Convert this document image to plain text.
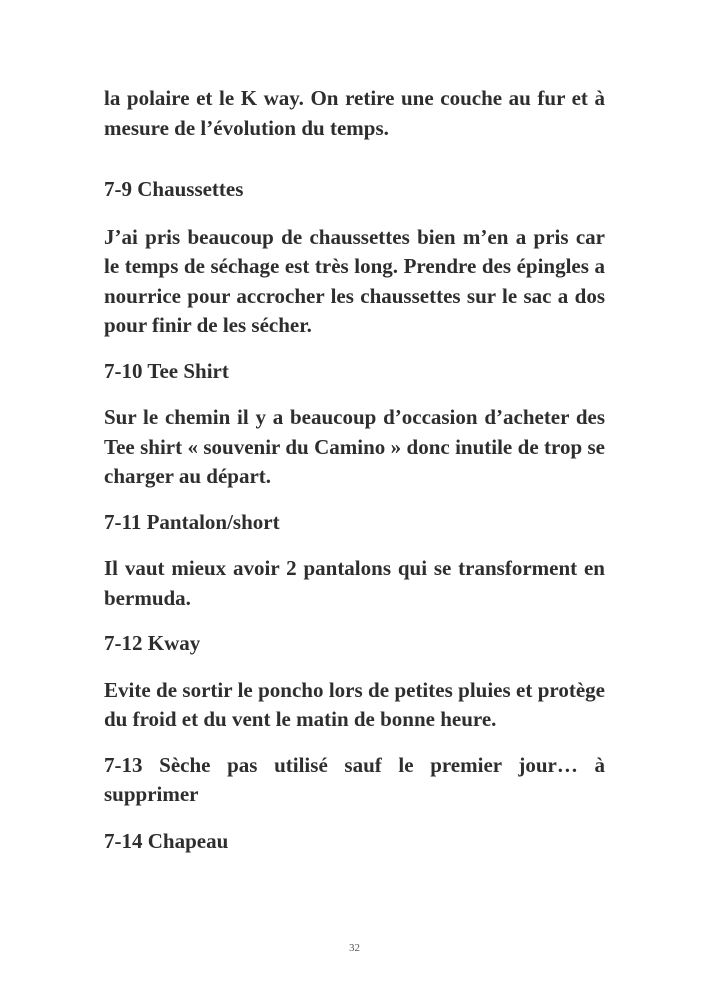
la polaire et le K way. On retire une couche au fur et à mesure de l’évolution du temps.

7-9 Chaussettes

J’ai pris beaucoup de chaussettes bien m’en a pris car le temps de séchage est très long. Prendre des épingles a nourrice pour accrocher les chaussettes sur le sac a dos pour finir de les sécher.

7-10 Tee Shirt

Sur le chemin il y a beaucoup d’occasion d’acheter des Tee shirt « souvenir du Camino » donc inutile de trop se charger au départ.

7-11 Pantalon/short

Il vaut mieux avoir 2 pantalons qui se transforment en bermuda.

7-12 Kway

Evite de sortir le poncho lors de petites pluies et protège du froid et du vent le matin de bonne heure.

7-13 Sèche pas utilisé sauf le premier jour… à supprimer
7-14 Chapeau
32
